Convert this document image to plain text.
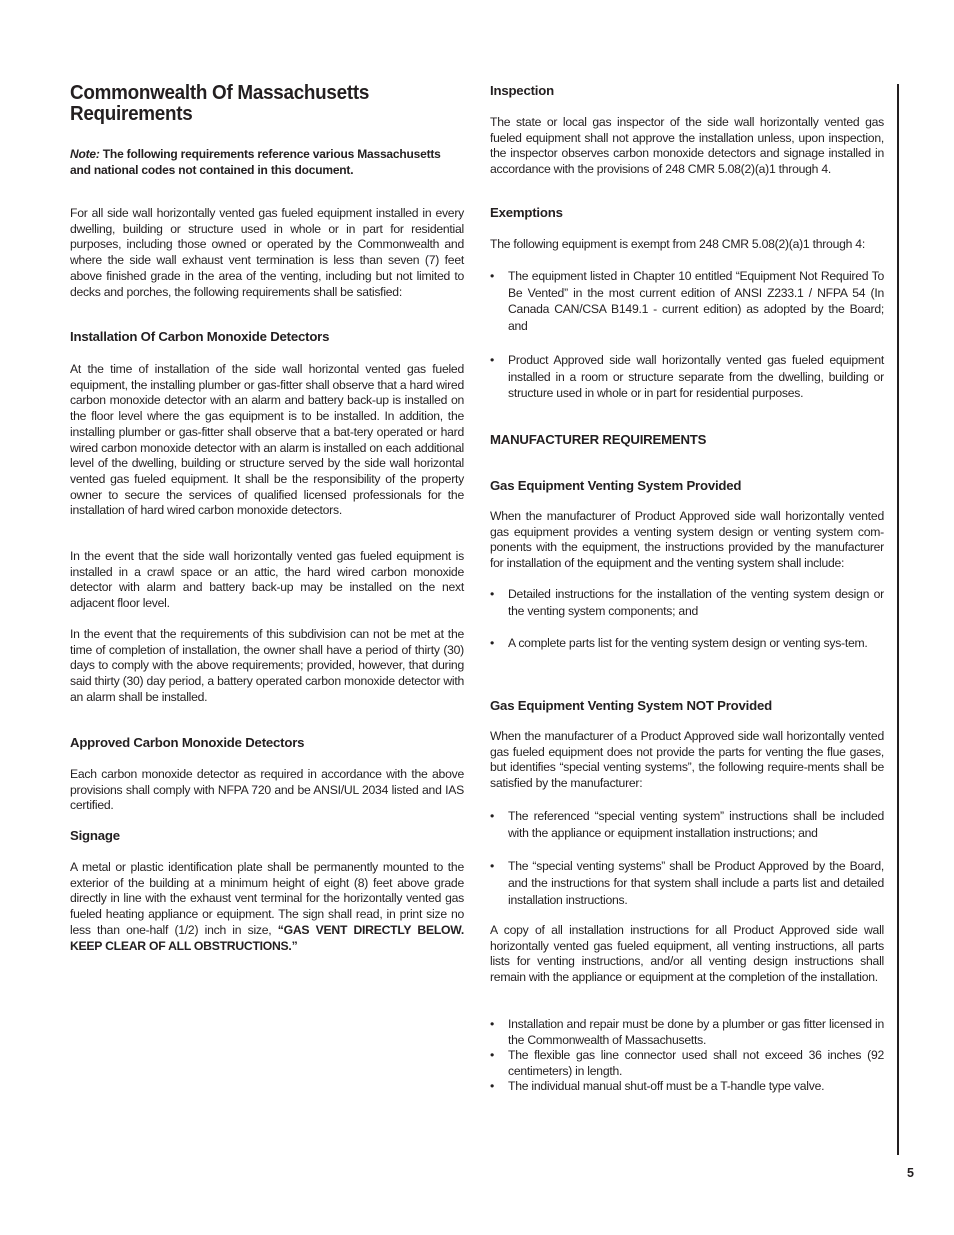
Commonwealth Of Massachusetts
Requirements

Note: The following requirements reference various Massachusetts and national codes not contained in this document.

For all side wall horizontally vented gas fueled equipment installed in every dwelling, building or structure used in whole or in part for residential purposes, including those owned or operated by the Commonwealth and where the side wall exhaust vent termination is less than seven (7) feet above finished grade in the area of the venting, including but not limited to decks and porches, the following requirements shall be satisfied:

Installation Of Carbon Monoxide Detectors

At the time of installation of the side wall horizontal vented gas fueled equipment, the installing plumber or gas-fitter shall observe that a hard wired carbon monoxide detector with an alarm and battery back-up is installed on the floor level where the gas equipment is to be installed. In addition, the installing plumber or gas-fitter shall observe that a bat-tery operated or hard wired carbon monoxide detector with an alarm is installed on each additional level of the dwelling, building or structure served by the side wall horizontal vented gas fueled equipment. It shall be the responsibility of the property owner to secure the services of qualified licensed professionals for the installation of hard wired carbon monoxide detectors.

In the event that the side wall horizontally vented gas fueled equipment is installed in a crawl space or an attic, the hard wired carbon monoxide detector with alarm and battery back-up may be installed on the next adjacent floor level.

In the event that the requirements of this subdivision can not be met at the time of completion of installation, the owner shall have a period of thirty (30) days to comply with the above requirements; provided, however, that during said thirty (30) day period, a battery operated carbon monoxide detector with an alarm shall be installed.

Approved Carbon Monoxide Detectors

Each carbon monoxide detector as required in accordance with the above provisions shall comply with NFPA 720 and be ANSI/UL 2034 listed and IAS certified.

Signage

A metal or plastic identification plate shall be permanently mounted to the exterior of the building at a minimum height of eight (8) feet above grade directly in line with the exhaust vent terminal for the horizontally vented gas fueled heating appliance or equipment. The sign shall read, in print size no less than one-half (1/2) inch in size, “GAS VENT DIRECTLY BELOW. KEEP CLEAR OF ALL OBSTRUCTIONS.”

Inspection

The state or local gas inspector of the side wall horizontally vented gas fueled equipment shall not approve the installation unless, upon inspection, the inspector observes carbon monoxide detectors and signage installed in accordance with the provisions of 248 CMR 5.08(2)(a)1 through 4.

Exemptions

The following equipment is exempt from 248 CMR 5.08(2)(a)1 through 4:

• The equipment listed in Chapter 10 entitled “Equipment Not Required To Be Vented” in the most current edition of ANSI Z233.1 / NFPA 54 (In Canada CAN/CSA B149.1 - current edition) as adopted by the Board; and
• Product Approved side wall horizontally vented gas fueled equipment installed in a room or structure separate from the dwelling, building or structure used in whole or in part for residential purposes.
MANUFACTURER REQUIREMENTS
Gas Equipment Venting System Provided

When the manufacturer of Product Approved side wall horizontally vented gas equipment provides a venting system design or venting system com-ponents with the equipment, the instructions provided by the manufacturer for installation of the equipment and the venting system shall include:

• Detailed instructions for the installation of the venting system design or the venting system components; and
• A complete parts list for the venting system design or venting sys-tem.
Gas Equipment Venting System NOT Provided

When the manufacturer of a Product Approved side wall horizontally vented gas fueled equipment does not provide the parts for venting the flue gases, but identifies “special venting systems”, the following require-ments shall be satisfied by the manufacturer:

• The referenced “special venting system” instructions shall be included with the appliance or equipment installation instructions; and
• The “special venting systems” shall be Product Approved by the Board, and the instructions for that system shall include a parts list and detailed installation instructions.

A copy of all installation instructions for all Product Approved side wall horizontally vented gas fueled equipment, all venting instructions, all parts lists for venting instructions, and/or all venting design instructions shall remain with the appliance or equipment at the completion of the installation.

• Installation and repair must be done by a plumber or gas fitter licensed in the Commonwealth of Massachusetts.
• The flexible gas line connector used shall not exceed 36 inches (92 centimeters) in length.
• The individual manual shut-off must be a T-handle type valve.
5
